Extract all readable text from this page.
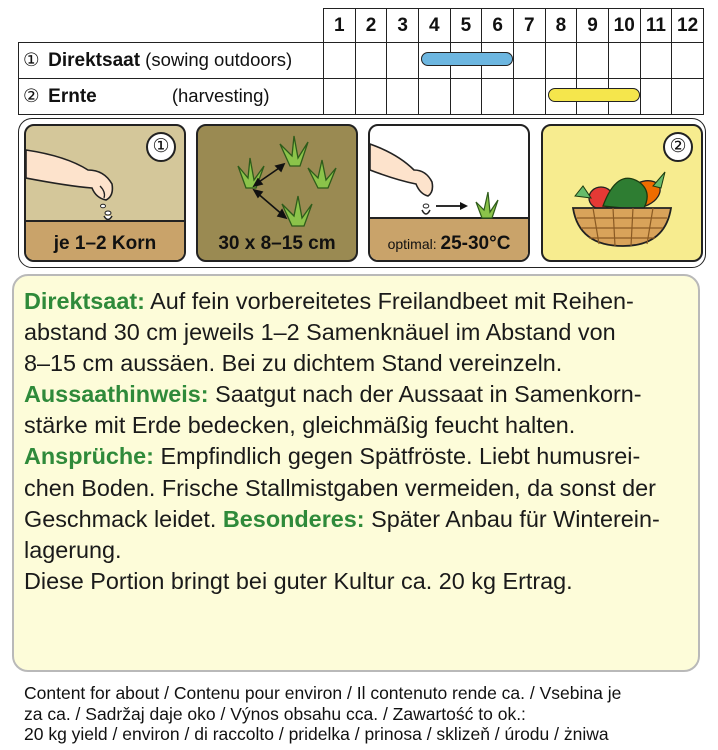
	1	2	3	4	5	6	7	8	9	10	11	12
① Direktsaat (sowing outdoors)												
② Ernte (harvesting)												
①
je 1–2 Korn	30 x 8–15 cm	optimal: 25-30°C
②

Direktsaat: Auf fein vorbereitetes Freilandbeet mit Reihen-
abstand 30 cm jeweils 1–2 Samenknäuel im Abstand von
8–15 cm aussäen. Bei zu dichtem Stand vereinzeln.

Aussaathinweis: Saatgut nach der Aussaat in Samenkorn-
stärke mit Erde bedecken, gleichmäßig feucht halten.

Ansprüche: Empfindlich gegen Spätfröste. Liebt humusrei-
chen Boden. Frische Stallmistgaben vermeiden, da sonst der
Geschmack leidet. Besonderes: Später Anbau für Winterein-
lagerung.

Diese Portion bringt bei guter Kultur ca. 20 kg Ertrag.

Content for about / Contenu pour environ / Il contenuto rende ca. / Vsebina je
za ca. / Sadržaj daje oko / Výnos obsahu cca. / Zawartość to ok.:
20 kg yield / environ / di raccolto / pridelka / prinosa / sklizeň / úrodu / żniwa
